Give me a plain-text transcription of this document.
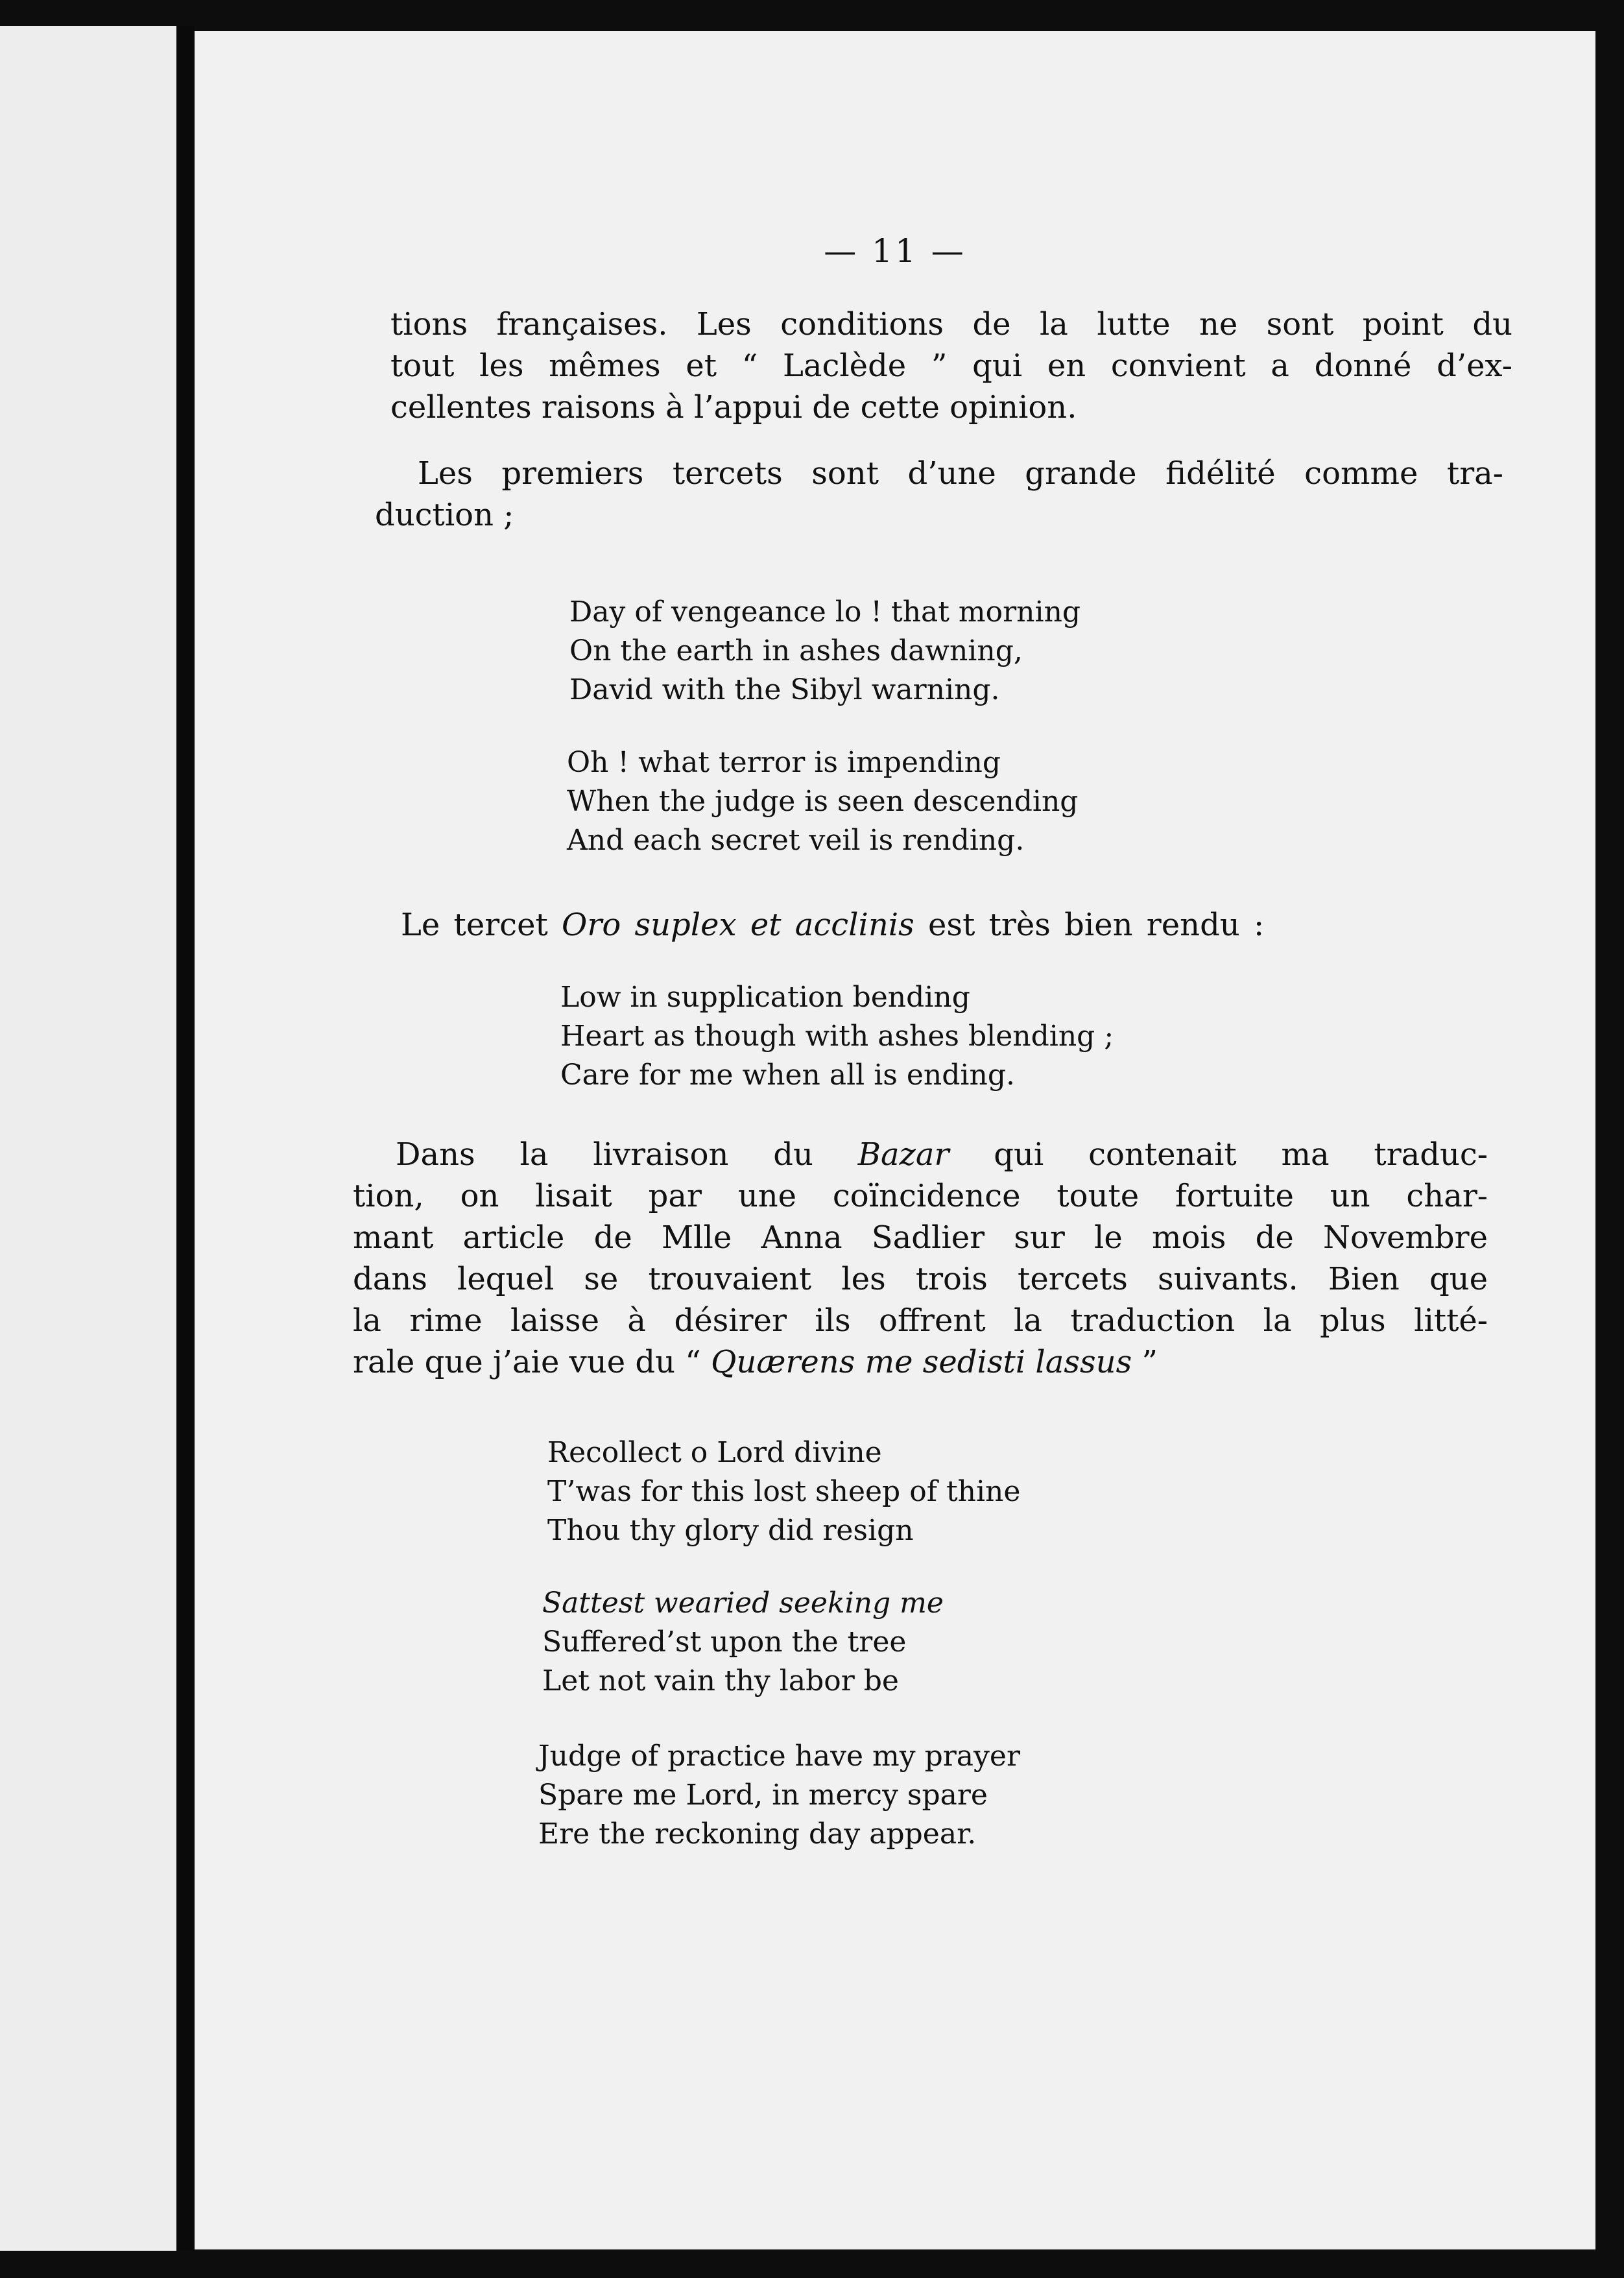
— 11 —

tions françaises. Les conditions de la lutte ne sont point du

tout les mêmes et “ Laclède ” qui en convient a donné d’ex-

cellentes raisons à l’appui de cette opinion.

Les premiers tercets sont d’une grande fidélité comme tra-

duction ;

Day of vengeance lo ! that morning
On the earth in ashes dawning,
David with the Sibyl warning.
Oh ! what terror is impending
When the judge is seen descending
And each secret veil is rending.

Le tercet Oro suplex et acclinis est très bien rendu :

Low in supplication bending
Heart as though with ashes blending ;
Care for me when all is ending.

Dans la livraison du Bazar qui contenait ma traduc-

tion, on lisait par une coïncidence toute fortuite un char-

mant article de Mlle Anna Sadlier sur le mois de Novembre

dans lequel se trouvaient les trois tercets suivants. Bien que

la rime laisse à désirer ils offrent la traduction la plus litté-

rale que j’aie vue du “ Quærens me sedisti lassus ”

Recollect o Lord divine
T’was for this lost sheep of thine
Thou thy glory did resign
Sattest wearied seeking me
Suffered’st upon the tree
Let not vain thy labor be
Judge of practice have my prayer
Spare me Lord, in mercy spare
Ere the reckoning day appear.
